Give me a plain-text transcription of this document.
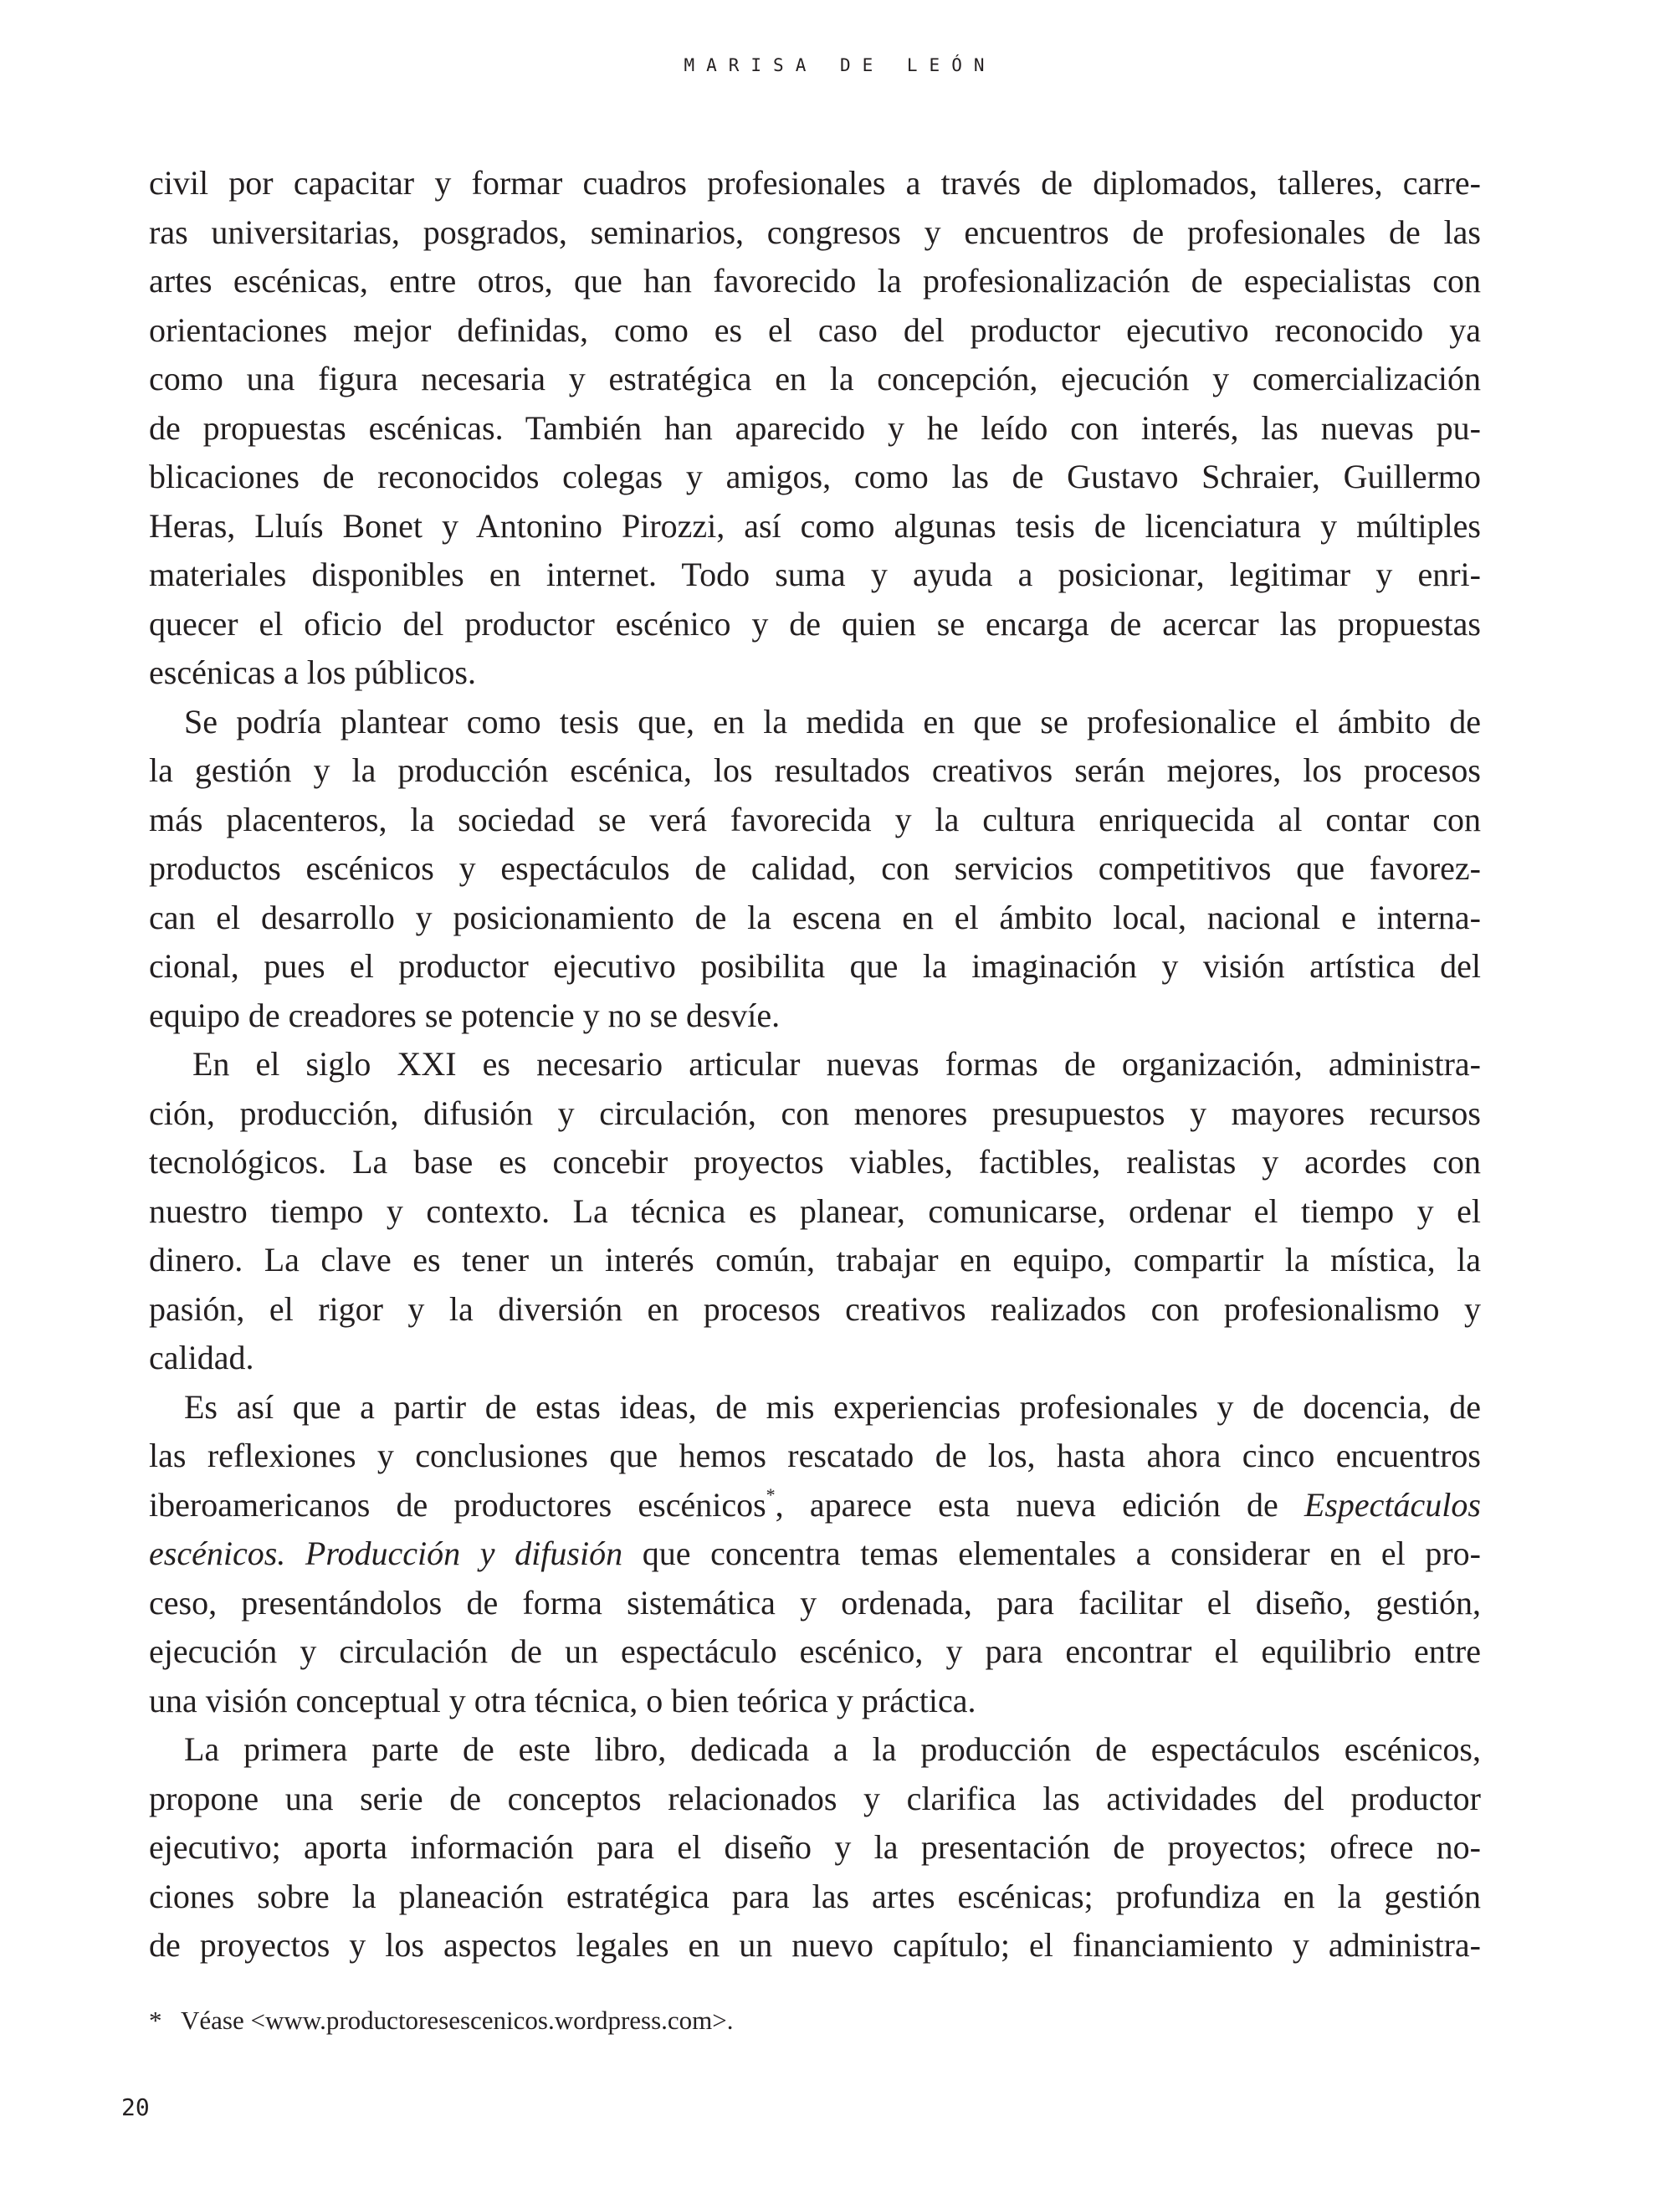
MARISA DE LEÓN
civil por capacitar y formar cuadros profesionales a través de diplomados, talleres, carre-
ras universitarias, posgrados, seminarios, congresos y encuentros de profesionales de las
artes escénicas, entre otros, que han favorecido la profesionalización de especialistas con
orientaciones mejor definidas, como es el caso del productor ejecutivo reconocido ya
como una figura necesaria y estratégica en la concepción, ejecución y comercialización
de propuestas escénicas. También han aparecido y he leído con interés, las nuevas pu-
blicaciones de reconocidos colegas y amigos, como las de Gustavo Schraier, Guillermo
Heras, Lluís Bonet y Antonino Pirozzi, así como algunas tesis de licenciatura y múltiples
materiales disponibles en internet. Todo suma y ayuda a posicionar, legitimar y enri-
quecer el oficio del productor escénico y de quien se encarga de acercar las propuestas
escénicas a los públicos.
Se podría plantear como tesis que, en la medida en que se profesionalice el ámbito de
la gestión y la producción escénica, los resultados creativos serán mejores, los procesos
más placenteros, la sociedad se verá favorecida y la cultura enriquecida al contar con
productos escénicos y espectáculos de calidad, con servicios competitivos que favorez-
can el desarrollo y posicionamiento de la escena en el ámbito local, nacional e interna-
cional, pues el productor ejecutivo posibilita que la imaginación y visión artística del
equipo de creadores se potencie y no se desvíe.
En el siglo XXI es necesario articular nuevas formas de organización, administra-
ción, producción, difusión y circulación, con menores presupuestos y mayores recursos
tecnológicos. La base es concebir proyectos viables, factibles, realistas y acordes con
nuestro tiempo y contexto. La técnica es planear, comunicarse, ordenar el tiempo y el
dinero. La clave es tener un interés común, trabajar en equipo, compartir la mística, la
pasión, el rigor y la diversión en procesos creativos realizados con profesionalismo y
calidad.
Es así que a partir de estas ideas, de mis experiencias profesionales y de docencia, de
las reflexiones y conclusiones que hemos rescatado de los, hasta ahora cinco encuentros
iberoamericanos de productores escénicos*, aparece esta nueva edición de Espectáculos
escénicos. Producción y difusión que concentra temas elementales a considerar en el pro-
ceso, presentándolos de forma sistemática y ordenada, para facilitar el diseño, gestión,
ejecución y circulación de un espectáculo escénico, y para encontrar el equilibrio entre
una visión conceptual y otra técnica, o bien teórica y práctica.
La primera parte de este libro, dedicada a la producción de espectáculos escénicos,
propone una serie de conceptos relacionados y clarifica las actividades del productor
ejecutivo; aporta información para el diseño y la presentación de proyectos; ofrece no-
ciones sobre la planeación estratégica para las artes escénicas; profundiza en la gestión
de proyectos y los aspectos legales en un nuevo capítulo; el financiamiento y administra-
* Véase <www.productoresescenicos.wordpress.com>.
20
